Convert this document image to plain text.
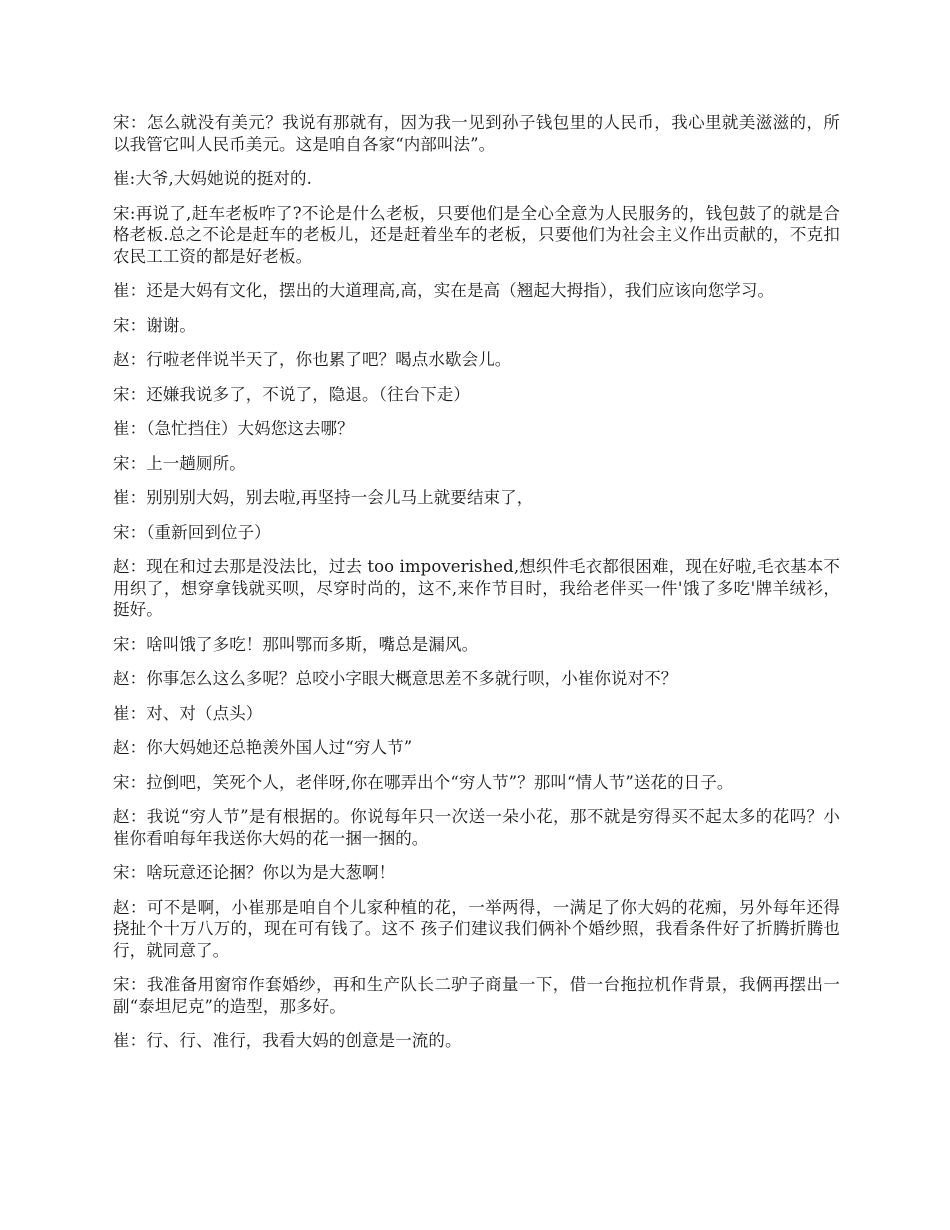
宋：怎么就没有美元？我说有那就有，因为我一见到孙子钱包里的人民币，我心里就美滋滋的，所以我管它叫人民币美元。这是咱自各家“内部叫法”。

崔:大爷,大妈她说的挺对的.

宋:再说了,赶车老板咋了?不论是什么老板，只要他们是全心全意为人民服务的，钱包鼓了的就是合格老板.总之不论是赶车的老板儿，还是赶着坐车的老板，只要他们为社会主义作出贡献的，不克扣农民工工资的都是好老板。

崔：还是大妈有文化，摆出的大道理高,高，实在是高（翘起大拇指），我们应该向您学习。

宋：谢谢。

赵：行啦老伴说半天了，你也累了吧？喝点水歇会儿。

宋：还嫌我说多了，不说了，隐退。（往台下走）

崔：（急忙挡住）大妈您这去哪？

宋：上一趟厕所。

崔：别别别大妈，别去啦,再坚持一会儿马上就要结束了，

宋：（重新回到位子）

赵：现在和过去那是没法比，过去 too impoverished,想织件毛衣都很困难，现在好啦,毛衣基本不用织了，想穿拿钱就买呗，尽穿时尚的，这不,来作节目时，我给老伴买一件'饿了多吃'牌羊绒衫，挺好。

宋：啥叫饿了多吃！那叫鄂而多斯，嘴总是漏风。

赵：你事怎么这么多呢？总咬小字眼大概意思差不多就行呗，小崔你说对不？

崔：对、对（点头）

赵：你大妈她还总艳羡外国人过“穷人节”

宋：拉倒吧，笑死个人，老伴呀,你在哪弄出个“穷人节”？那叫“情人节”送花的日子。

赵：我说“穷人节”是有根据的。你说每年只一次送一朵小花，那不就是穷得买不起太多的花吗？小崔你看咱每年我送你大妈的花一捆一捆的。

宋：啥玩意还论捆？你以为是大葱啊！

赵：可不是啊，小崔那是咱自个儿家种植的花，一举两得，一满足了你大妈的花痴，另外每年还得挠扯个十万八万的，现在可有钱了。这不 孩子们建议我们俩补个婚纱照，我看条件好了折腾折腾也行，就同意了。

宋：我准备用窗帘作套婚纱，再和生产队长二驴子商量一下，借一台拖拉机作背景，我俩再摆出一副“泰坦尼克”的造型，那多好。

崔：行、行、准行，我看大妈的创意是一流的。
